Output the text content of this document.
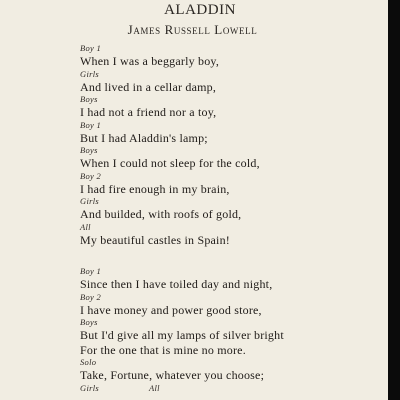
ALADDIN
James Russell Lowell
Boy 1
When I was a beggarly boy,
Girls
And lived in a cellar damp,
Boys
I had not a friend nor a toy,
Boy 1
But I had Aladdin's lamp;
Boys
When I could not sleep for the cold,
Boy 2
I had fire enough in my brain,
Girls
And builded, with roofs of gold,
All
My beautiful castles in Spain!
Boy 1
Since then I have toiled day and night,
Boy 2
I have money and power good store,
Boys
But I'd give all my lamps of silver bright
For the one that is mine no more.
Solo
Take, Fortune, whatever you choose;
Girls	All
